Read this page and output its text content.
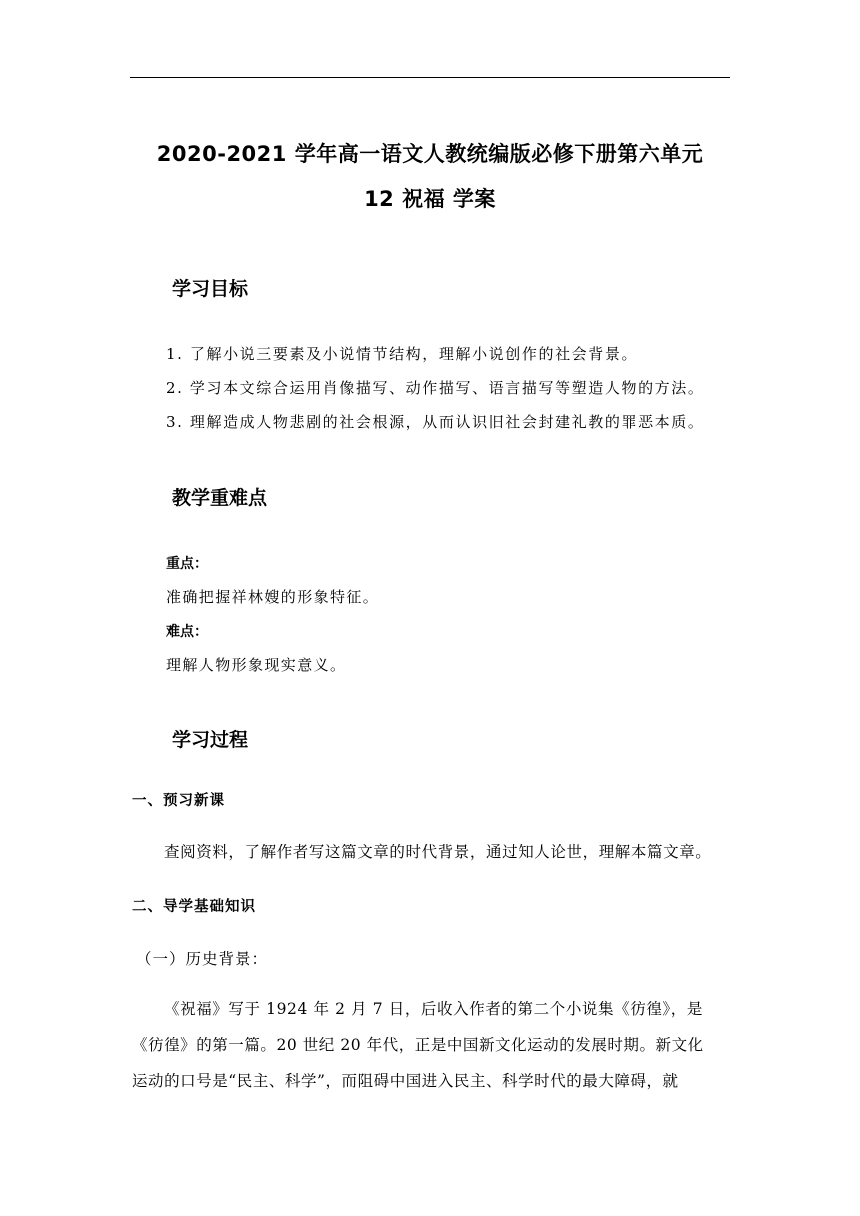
2020-2021 学年高一语文人教统编版必修下册第六单元
12 祝福 学案
学习目标
1. 了解小说三要素及小说情节结构，理解小说创作的社会背景。
2. 学习本文综合运用肖像描写、动作描写、语言描写等塑造人物的方法。
3. 理解造成人物悲剧的社会根源，从而认识旧社会封建礼教的罪恶本质。
教学重难点
重点：
准确把握祥林嫂的形象特征。
难点：
理解人物形象现实意义。
学习过程
一、预习新课
查阅资料，了解作者写这篇文章的时代背景，通过知人论世，理解本篇文章。
二、导学基础知识
（一）历史背景：
《祝福》写于 1924 年 2 月 7 日，后收入作者的第二个小说集《彷徨》，是
《彷徨》的第一篇。20 世纪 20 年代，正是中国新文化运动的发展时期。新文化
运动的口号是“民主、科学”，而阻碍中国进入民主、科学时代的最大障碍，就
